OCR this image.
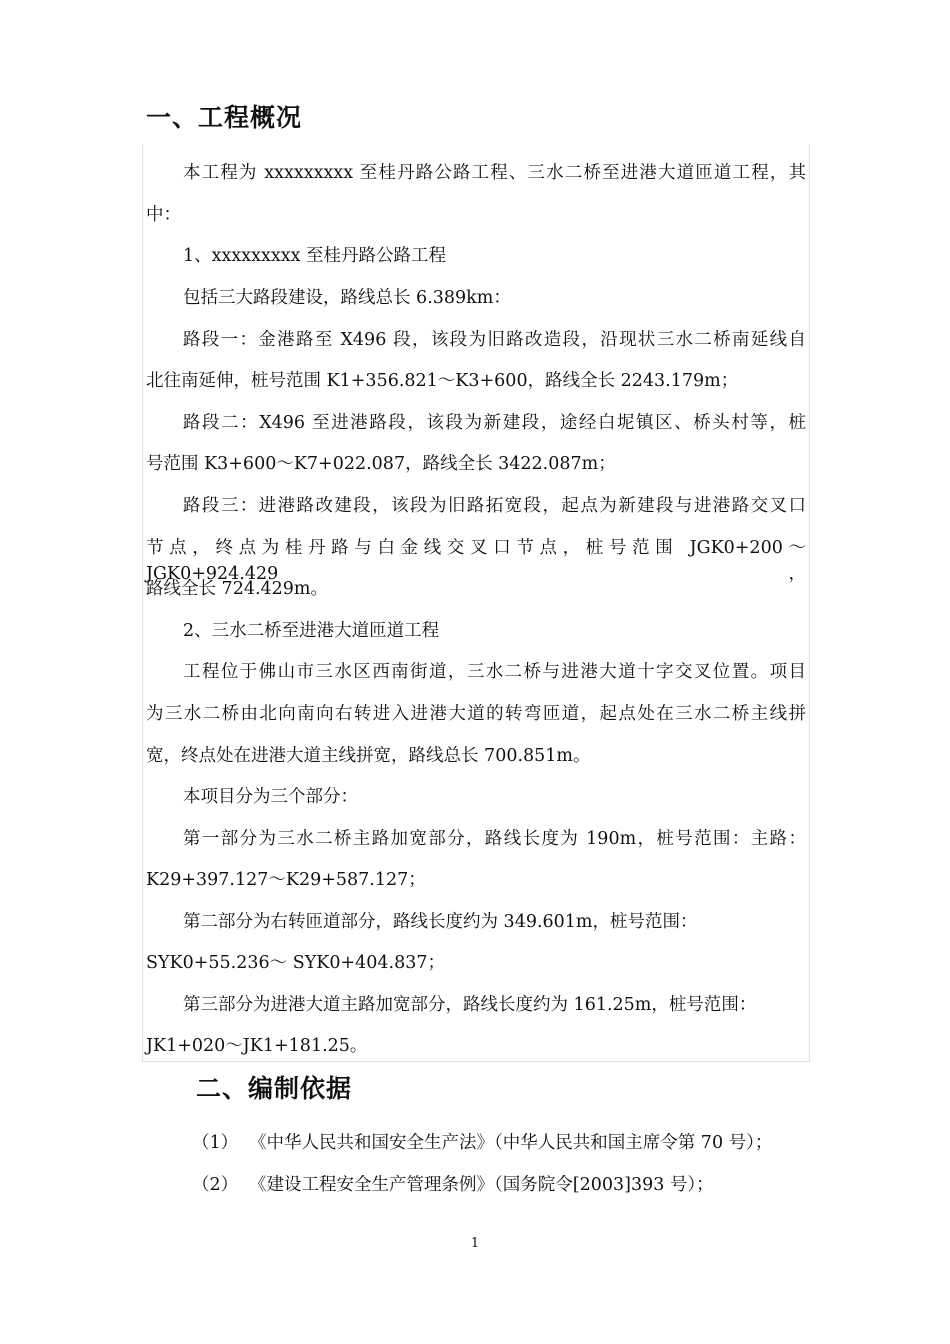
一、工程概况
本工程为 xxxxxxxxx 至桂丹路公路工程、三水二桥至进港大道匝道工程，其
中：
1、xxxxxxxxx 至桂丹路公路工程
包括三大路段建设，路线总长 6.389km：
路段一：金港路至 X496 段，该段为旧路改造段，沿现状三水二桥南延线自
北往南延伸，桩号范围 K1+356.821～K3+600，路线全长 2243.179m；
路段二：X496 至进港路段，该段为新建段，途经白坭镇区、桥头村等，桩
号范围 K3+600～K7+022.087，路线全长 3422.087m；
路段三：进港路改建段，该段为旧路拓宽段，起点为新建段与进港路交叉口
节点，终点为桂丹路与白金线交叉口节点，桩号范围 JGK0+200～JGK0+924.429，
路线全长 724.429m。
2、三水二桥至进港大道匝道工程
工程位于佛山市三水区西南街道，三水二桥与进港大道十字交叉位置。项目
为三水二桥由北向南向右转进入进港大道的转弯匝道，起点处在三水二桥主线拼
宽，终点处在进港大道主线拼宽，路线总长 700.851m。
本项目分为三个部分：
第一部分为三水二桥主路加宽部分，路线长度为 190m，桩号范围：主路：
K29+397.127～K29+587.127；
第二部分为右转匝道部分，路线长度约为 349.601m，桩号范围：
SYK0+55.236～ SYK0+404.837；
第三部分为进港大道主路加宽部分，路线长度约为 161.25m，桩号范围：
JK1+020～JK1+181.25。
二、编制依据
（1） 《中华人民共和国安全生产法》（中华人民共和国主席令第 70 号）；
（2） 《建设工程安全生产管理条例》（国务院令[2003]393 号）；
1
